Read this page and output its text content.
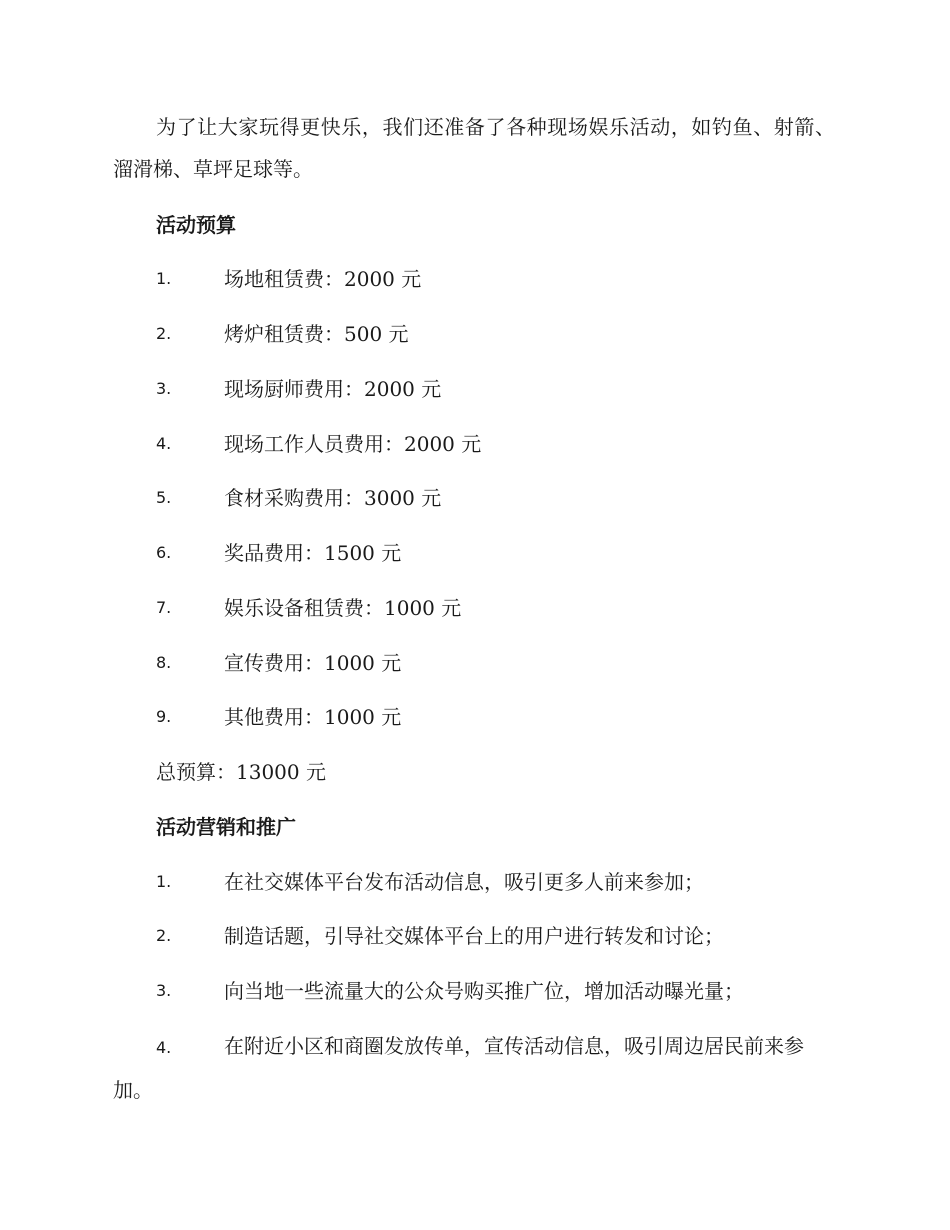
为了让大家玩得更快乐，我们还准备了各种现场娱乐活动，如钓鱼、射箭、溜滑梯、草坪足球等。

活动预算

1.	场地租赁费：2000 元
2.	烤炉租赁费：500 元
3.	现场厨师费用：2000 元
4.	现场工作人员费用：2000 元
5.	食材采购费用：3000 元
6.	奖品费用：1500 元
7.	娱乐设备租赁费：1000 元
8.	宣传费用：1000 元
9.	其他费用：1000 元

总预算：13000 元

活动营销和推广

1.	在社交媒体平台发布活动信息，吸引更多人前来参加；
2.	制造话题，引导社交媒体平台上的用户进行转发和讨论；
3.	向当地一些流量大的公众号购买推广位，增加活动曝光量；

4.	在附近小区和商圈发放传单，宣传活动信息，吸引周边居民前来参加。
